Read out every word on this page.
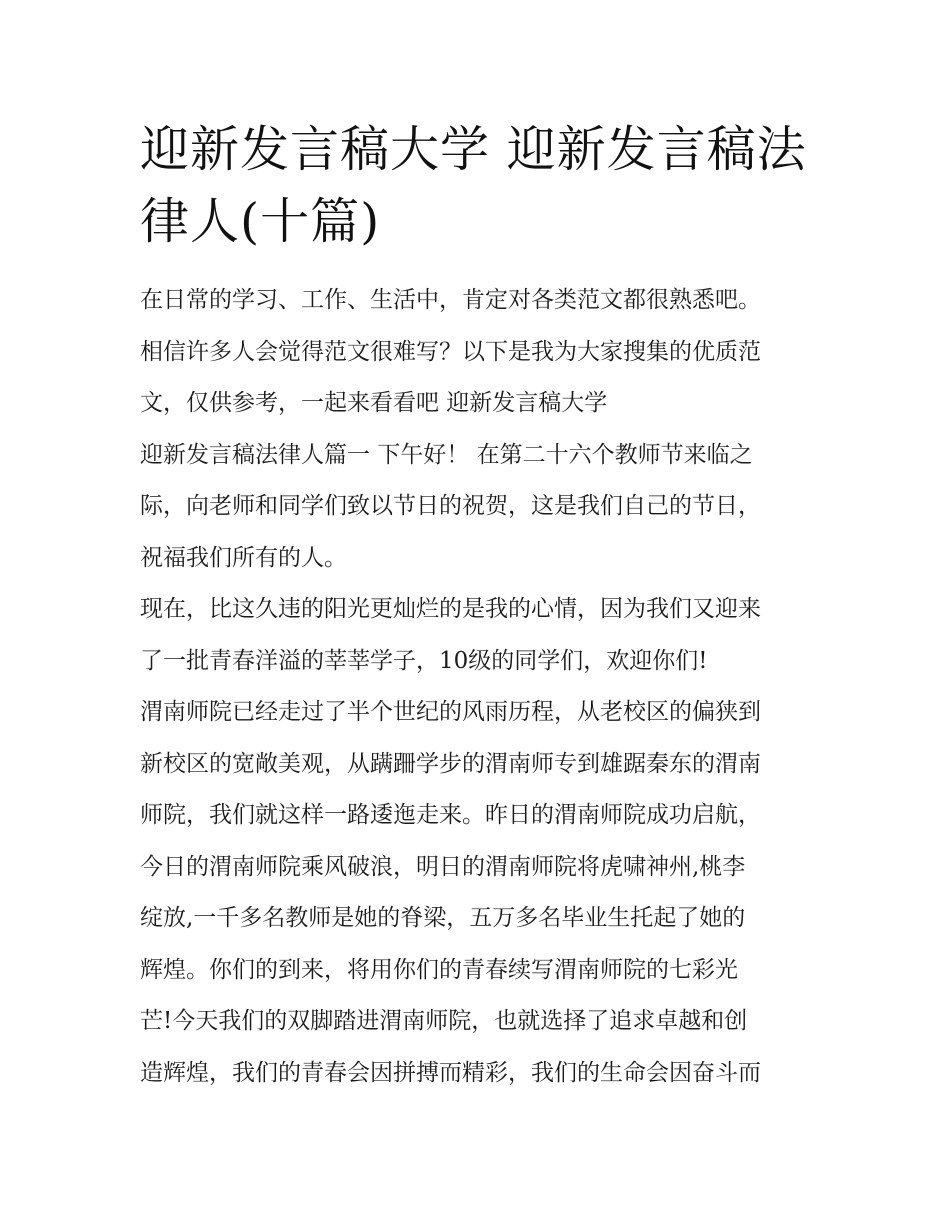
迎新发言稿大学 迎新发言稿法
律人(十篇)
在日常的学习、工作、生活中，肯定对各类范文都很熟悉吧。
相信许多人会觉得范文很难写？以下是我为大家搜集的优质范
文，仅供参考，一起来看看吧 迎新发言稿大学
迎新发言稿法律人篇一 下午好！ 在第二十六个教师节来临之
际，向老师和同学们致以节日的祝贺，这是我们自己的节日，
祝福我们所有的人。
现在，比这久违的阳光更灿烂的是我的心情，因为我们又迎来
了一批青春洋溢的莘莘学子，10级的同学们，欢迎你们!
渭南师院已经走过了半个世纪的风雨历程，从老校区的偏狭到
新校区的宽敞美观，从蹒跚学步的渭南师专到雄踞秦东的渭南
师院，我们就这样一路逶迤走来。昨日的渭南师院成功启航，
今日的渭南师院乘风破浪，明日的渭南师院将虎啸神州,桃李
绽放,一千多名教师是她的脊梁，五万多名毕业生托起了她的
辉煌。你们的到来，将用你们的青春续写渭南师院的七彩光
芒!今天我们的双脚踏进渭南师院，也就选择了追求卓越和创
造辉煌，我们的青春会因拼搏而精彩，我们的生命会因奋斗而
